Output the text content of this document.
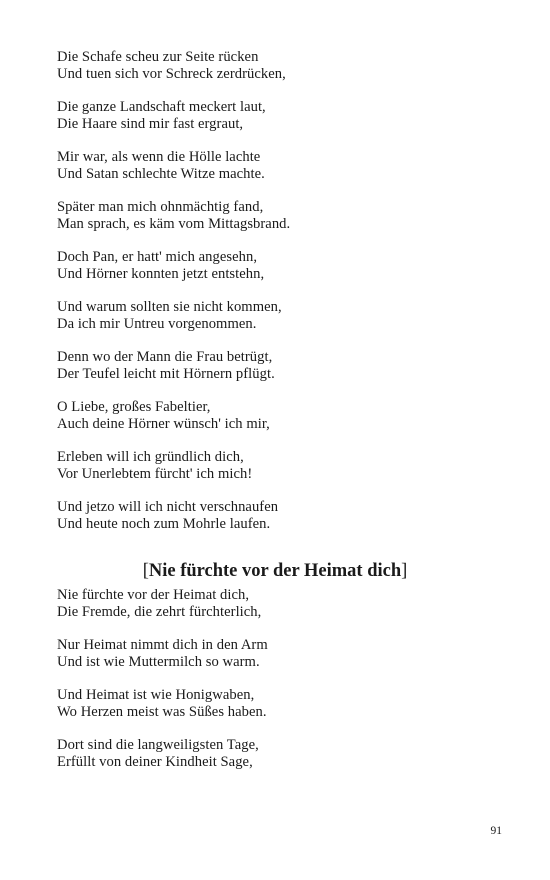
Die Schafe scheu zur Seite rücken
Und tuen sich vor Schreck zerdrücken,
Die ganze Landschaft meckert laut,
Die Haare sind mir fast ergraut,
Mir war, als wenn die Hölle lachte
Und Satan schlechte Witze machte.
Später man mich ohnmächtig fand,
Man sprach, es käm vom Mittagsbrand.
Doch Pan, er hatt' mich angesehn,
Und Hörner konnten jetzt entstehn,
Und warum sollten sie nicht kommen,
Da ich mir Untreu vorgenommen.
Denn wo der Mann die Frau betrügt,
Der Teufel leicht mit Hörnern pflügt.
O Liebe, großes Fabeltier,
Auch deine Hörner wünsch' ich mir,
Erleben will ich gründlich dich,
Vor Unerlebtem fürcht' ich mich!
Und jetzo will ich nicht verschnaufen
Und heute noch zum Mohrle laufen.
[Nie fürchte vor der Heimat dich]
Nie fürchte vor der Heimat dich,
Die Fremde, die zehrt fürchterlich,
Nur Heimat nimmt dich in den Arm
Und ist wie Muttermilch so warm.
Und Heimat ist wie Honigwaben,
Wo Herzen meist was Süßes haben.
Dort sind die langweiligsten Tage,
Erfüllt von deiner Kindheit Sage,
91
